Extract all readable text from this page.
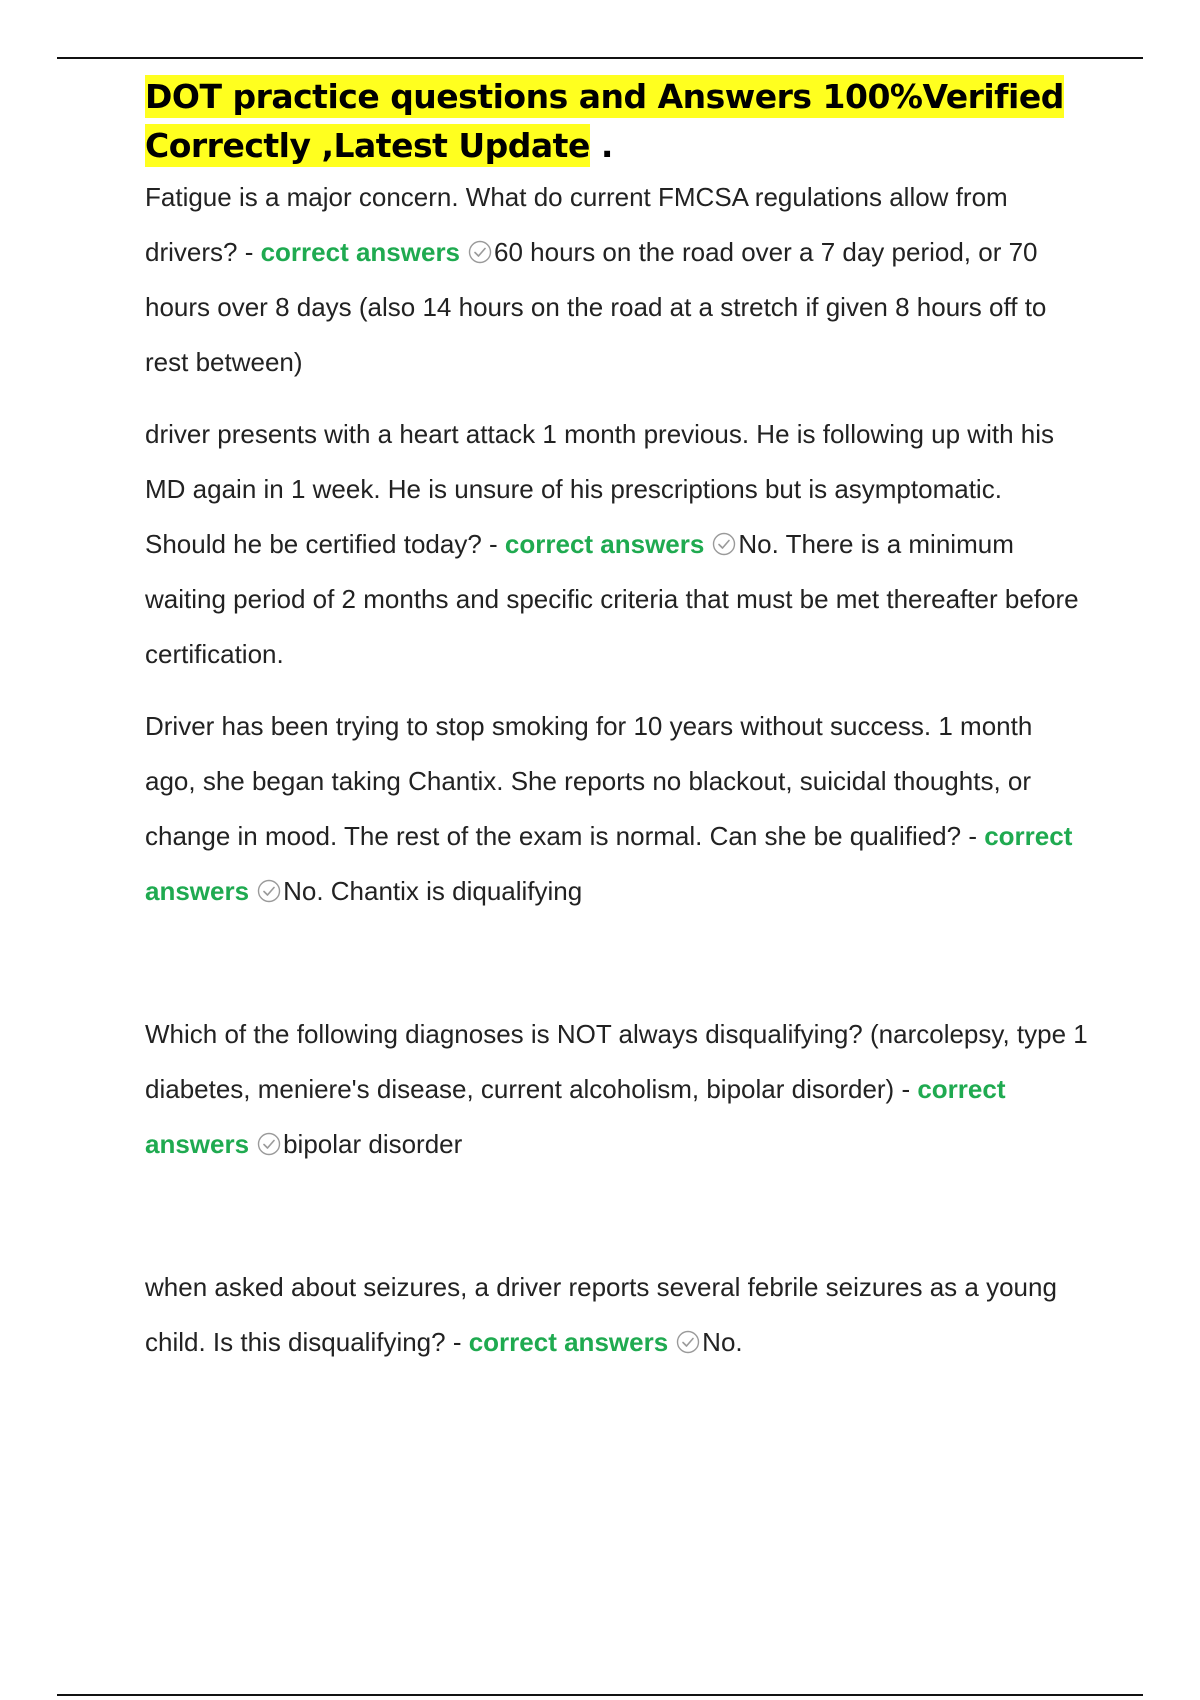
DOT practice questions and Answers 100%Verified
Correctly ,Latest Update .

Fatigue is a major concern. What do current FMCSA regulations allow from drivers? - correct answers 60 hours on the road over a 7 day period, or 70 hours over 8 days (also 14 hours on the road at a stretch if given 8 hours off to rest between)

driver presents with a heart attack 1 month previous. He is following up with his MD again in 1 week. He is unsure of his prescriptions but is asymptomatic. Should he be certified today? - correct answers No. There is a minimum waiting period of 2 months and specific criteria that must be met thereafter before certification.

Driver has been trying to stop smoking for 10 years without success. 1 month ago, she began taking Chantix. She reports no blackout, suicidal thoughts, or change in mood. The rest of the exam is normal. Can she be qualified? - correct answers No. Chantix is diqualifying

Which of the following diagnoses is NOT always disqualifying? (narcolepsy, type 1 diabetes, meniere's disease, current alcoholism, bipolar disorder) - correct answers bipolar disorder

when asked about seizures, a driver reports several febrile seizures as a young child. Is this disqualifying? - correct answers No.
